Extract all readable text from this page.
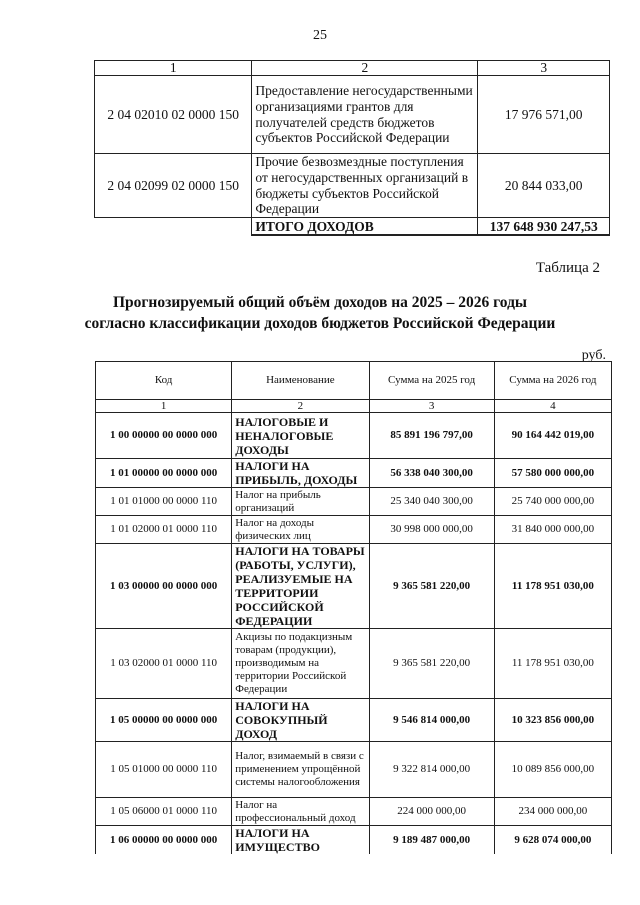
25
1	2	3
2 04 02010 02 0000 150	Предоставление негосударственными организациями грантов для получателей средств бюджетов субъектов Российской Федерации	17 976 571,00
2 04 02099 02 0000 150	Прочие безвозмездные поступления от негосударственных организаций в бюджеты субъектов Российской Федерации	20 844 033,00
	ИТОГО ДОХОДОВ	137 648 930 247,53
Таблица 2
Прогнозируемый общий объём доходов на 2025 – 2026 годы
согласно классификации доходов бюджетов Российской Федерации
руб.
Код	Наименование	Сумма на 2025 год	Сумма на 2026 год
1	2	3	4
1 00 00000 00 0000 000	НАЛОГОВЫЕ И НЕНАЛОГОВЫЕ ДОХОДЫ	85 891 196 797,00	90 164 442 019,00
1 01 00000 00 0000 000	НАЛОГИ НА ПРИБЫЛЬ, ДОХОДЫ	56 338 040 300,00	57 580 000 000,00
1 01 01000 00 0000 110	Налог на прибыль организаций	25 340 040 300,00	25 740 000 000,00
1 01 02000 01 0000 110	Налог на доходы физических лиц	30 998 000 000,00	31 840 000 000,00
1 03 00000 00 0000 000	НАЛОГИ НА ТОВАРЫ (РАБОТЫ, УСЛУГИ), РЕАЛИЗУЕМЫЕ НА ТЕРРИТОРИИ РОССИЙСКОЙ ФЕДЕРАЦИИ	9 365 581 220,00	11 178 951 030,00
1 03 02000 01 0000 110	Акцизы по подакцизным товарам (продукции), производимым на территории Российской Федерации	9 365 581 220,00	11 178 951 030,00
1 05 00000 00 0000 000	НАЛОГИ НА СОВОКУПНЫЙ ДОХОД	9 546 814 000,00	10 323 856 000,00
1 05 01000 00 0000 110	Налог, взимаемый в связи с применением упрощённой системы налогообложения	9 322 814 000,00	10 089 856 000,00
1 05 06000 01 0000 110	Налог на профессиональный доход	224 000 000,00	234 000 000,00
1 06 00000 00 0000 000	НАЛОГИ НА ИМУЩЕСТВО	9 189 487 000,00	9 628 074 000,00
